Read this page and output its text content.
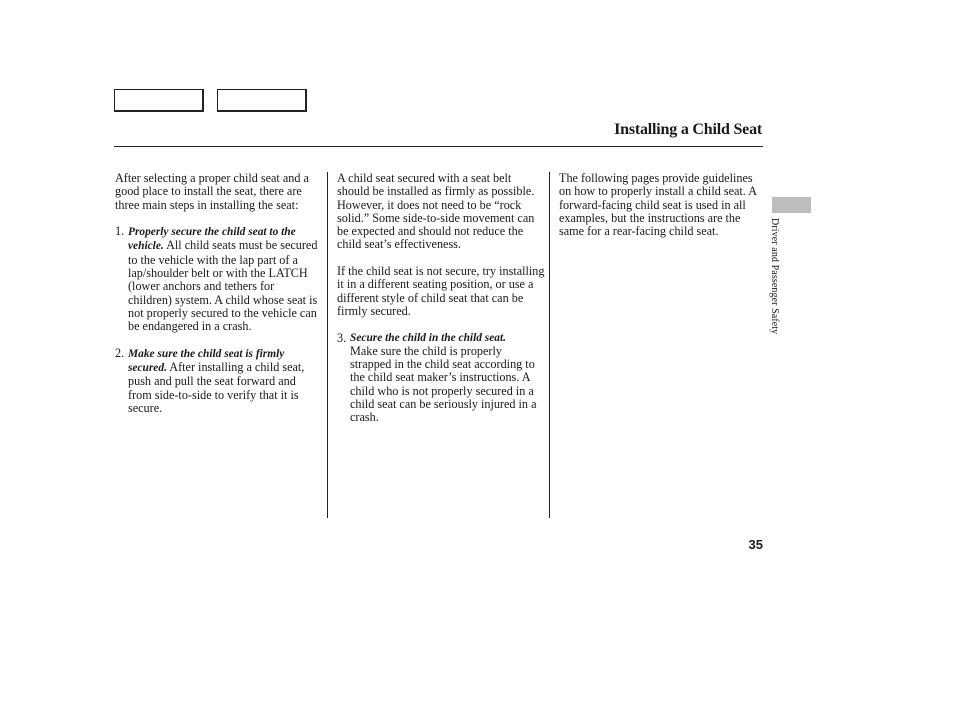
Installing a Child Seat

After selecting a proper child seat and a good place to install the seat, there are three main steps in installing the seat:

1. Properly secure the child seat to the vehicle. All child seats must be secured to the vehicle with the lap part of a lap/shoulder belt or with the LATCH (lower anchors and tethers for children) system. A child whose seat is not properly secured to the vehicle can be endangered in a crash.
2. Make sure the child seat is firmly secured. After installing a child seat, push and pull the seat forward and from side-to-side to verify that it is secure.

A child seat secured with a seat belt should be installed as firmly as possible. However, it does not need to be “rock solid.” Some side-to-side movement can be expected and should not reduce the child seat’s effectiveness.

If the child seat is not secure, try installing it in a different seating position, or use a different style of child seat that can be firmly secured.

3. Secure the child in the child seat.
Make sure the child is properly strapped in the child seat according to the child seat maker’s instructions. A child who is not properly secured in a child seat can be seriously injured in a crash.

The following pages provide guidelines on how to properly install a child seat. A forward-facing child seat is used in all examples, but the instructions are the same for a rear-facing child seat.	Driver and Passenger Safety
35
